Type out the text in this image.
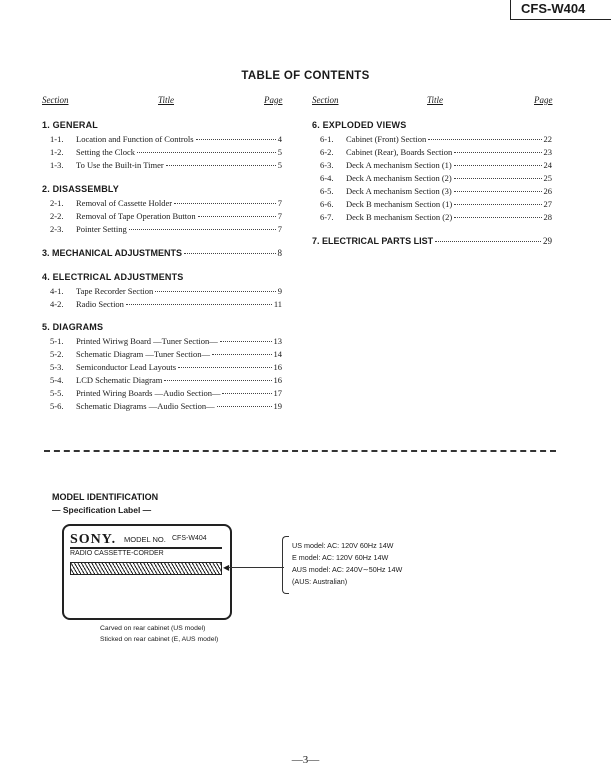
CFS-W404
TABLE OF CONTENTS
Section	Title	Page	Section	Title	Page
1. GENERAL
1-1.	Location and Function of Controls	4
1-2.	Setting the Clock	5
1-3.	To Use the Built-in Timer	5
2. DISASSEMBLY
2-1.	Removal of Cassette Holder	7
2-2.	Removal of Tape Operation Button	7
2-3.	Pointer Setting	7
3. MECHANICAL ADJUSTMENTS	8
4. ELECTRICAL ADJUSTMENTS
4-1.	Tape Recorder Section	9
4-2.	Radio Section	11
5. DIAGRAMS
5-1.	Printed Wiriwg Board —Tuner Section—	13
5-2.	Schematic Diagram —Tuner Section—	14
5-3.	Semiconductor Lead Layouts	16
5-4.	LCD Schematic Diagram	16
5-5.	Printed Wiring Boards —Audio Section—	17
5-6.	Schematic Diagrams —Audio Section—	19
6. EXPLODED VIEWS
6-1.	Cabinet (Front) Section	22
6-2.	Cabinet (Rear), Boards Section	23
6-3.	Deck A mechanism Section (1)	24
6-4.	Deck A mechanism Section (2)	25
6-5.	Deck A mechanism Section (3)	26
6-6.	Deck B mechanism Section (1)	27
6-7.	Deck B mechanism Section (2)	28
7. ELECTRICAL PARTS LIST	29
MODEL IDENTIFICATION
— Specification Label —
SONY. MODEL NO. CFS-W404
RADIO CASSETTE-CORDER
◀
US model: AC: 120V 60Hz 14W
E model: AC: 120V 60Hz 14W
AUS model: AC: 240V∼50Hz 14W
(AUS: Australian)
Carved on rear cabinet (US model)
Sticked on rear cabinet (E, AUS model)
—3—
